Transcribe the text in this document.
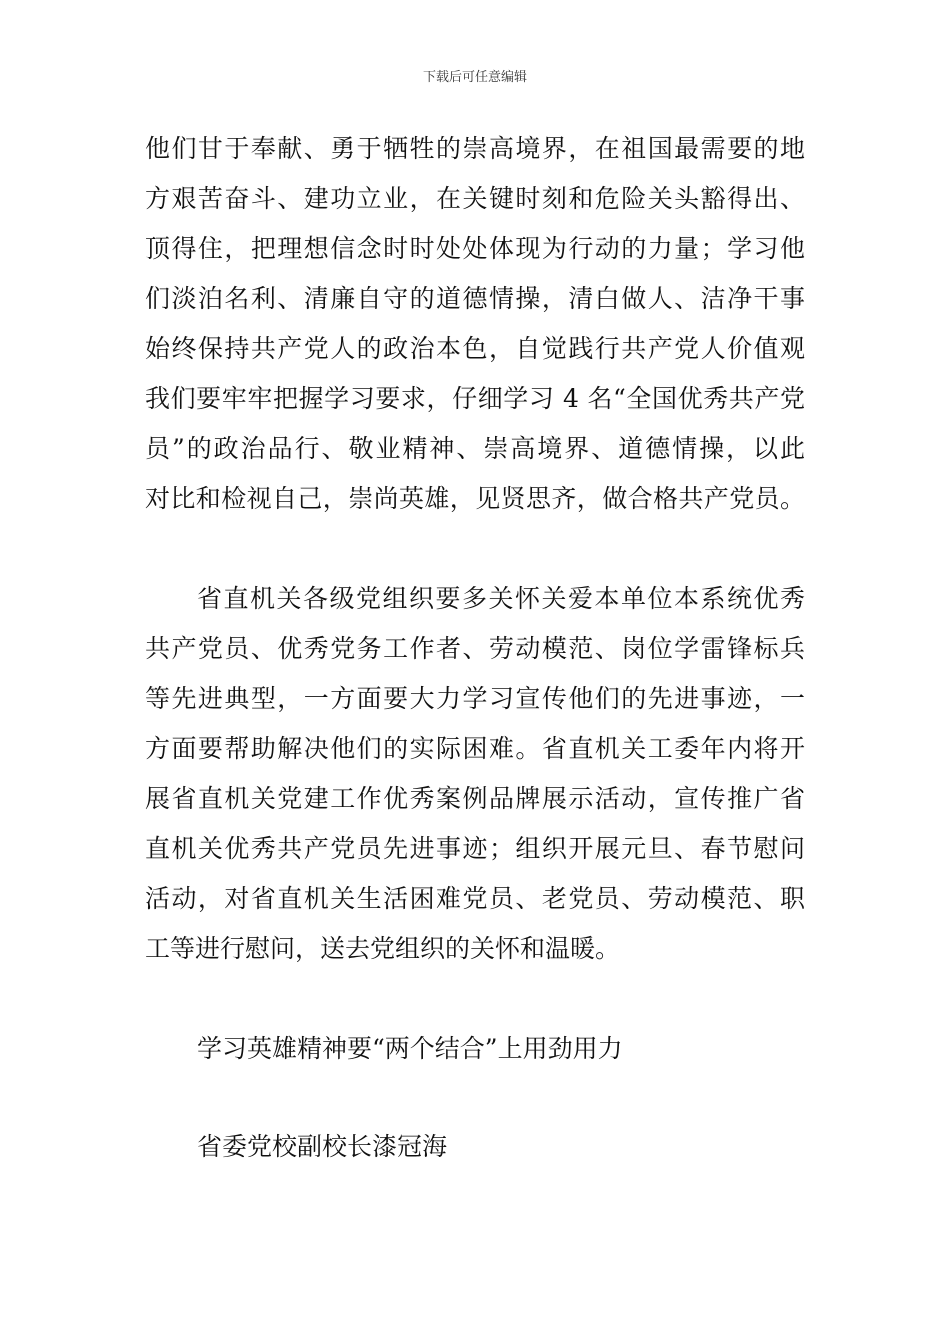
下载后可任意编辑
他们甘于奉献、勇于牺牲的崇高境界，在祖国最需要的地
方艰苦奋斗、建功立业，在关键时刻和危险关头豁得出、
顶得住，把理想信念时时处处体现为行动的力量；学习他
们淡泊名利、清廉自守的道德情操，清白做人、洁净干事
始终保持共产党人的政治本色，自觉践行共产党人价值观
我们要牢牢把握学习要求，仔细学习 4 名“全国优秀共产党
员”的政治品行、敬业精神、崇高境界、道德情操，以此
对比和检视自己，崇尚英雄，见贤思齐，做合格共产党员。
省直机关各级党组织要多关怀关爱本单位本系统优秀
共产党员、优秀党务工作者、劳动模范、岗位学雷锋标兵
等先进典型，一方面要大力学习宣传他们的先进事迹，一
方面要帮助解决他们的实际困难。省直机关工委年内将开
展省直机关党建工作优秀案例品牌展示活动，宣传推广省
直机关优秀共产党员先进事迹；组织开展元旦、春节慰问
活动，对省直机关生活困难党员、老党员、劳动模范、职
工等进行慰问，送去党组织的关怀和温暖。
学习英雄精神要“两个结合”上用劲用力
省委党校副校长漆冠海
